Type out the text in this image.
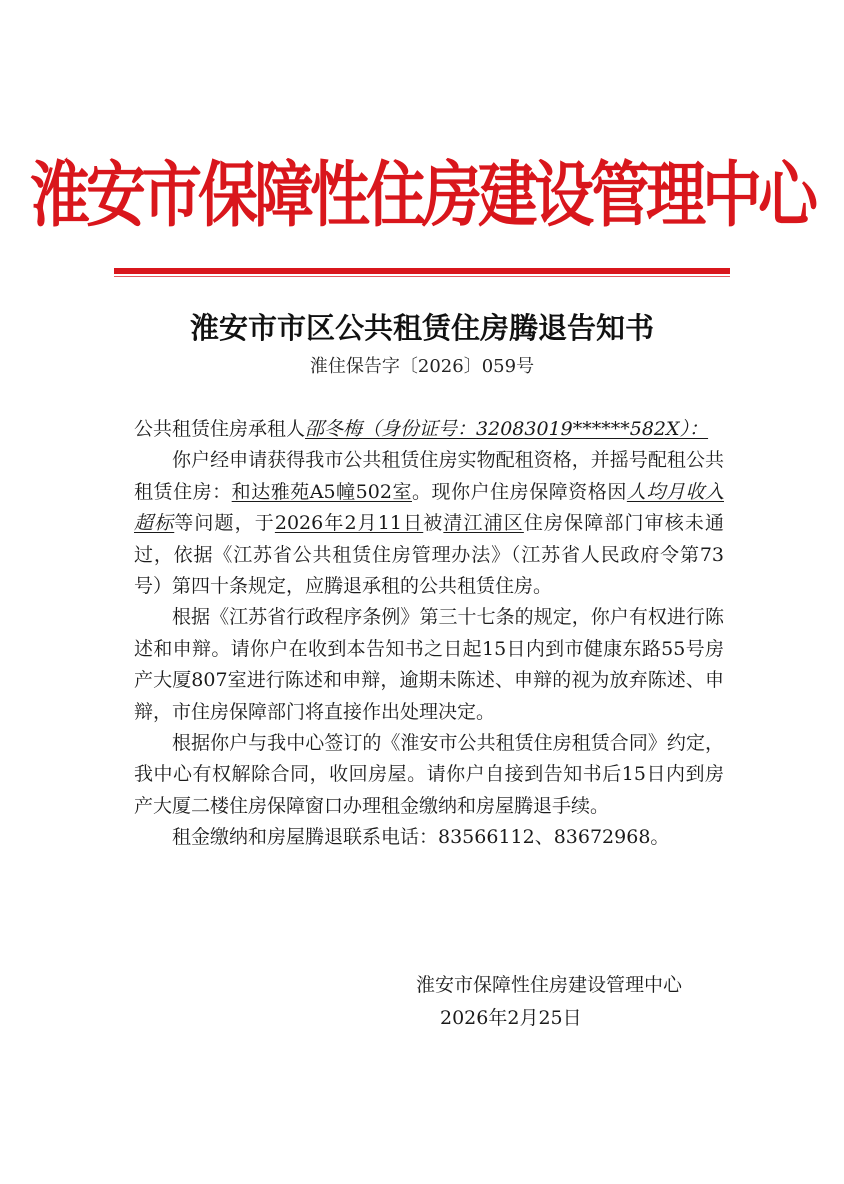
淮安市保障性住房建设管理中心
淮安市市区公共租赁住房腾退告知书
淮住保告字〔2026〕059号

公共租赁住房承租人邵冬梅（身份证号：32083019******582X）：

你户经申请获得我市公共租赁住房实物配租资格，并摇号配租公共租赁住房：和达雅苑A5幢502室。现你户住房保障资格因人均月收入超标等问题，于2026年2月11日被清江浦区住房保障部门审核未通过，依据《江苏省公共租赁住房管理办法》（江苏省人民政府令第73号）第四十条规定，应腾退承租的公共租赁住房。

根据《江苏省行政程序条例》第三十七条的规定，你户有权进行陈述和申辩。请你户在收到本告知书之日起15日内到市健康东路55号房产大厦807室进行陈述和申辩，逾期未陈述、申辩的视为放弃陈述、申辩，市住房保障部门将直接作出处理决定。

根据你户与我中心签订的《淮安市公共租赁住房租赁合同》约定，我中心有权解除合同，收回房屋。请你户自接到告知书后15日内到房产大厦二楼住房保障窗口办理租金缴纳和房屋腾退手续。

租金缴纳和房屋腾退联系电话：83566112、83672968。

淮安市保障性住房建设管理中心
2026年2月25日
